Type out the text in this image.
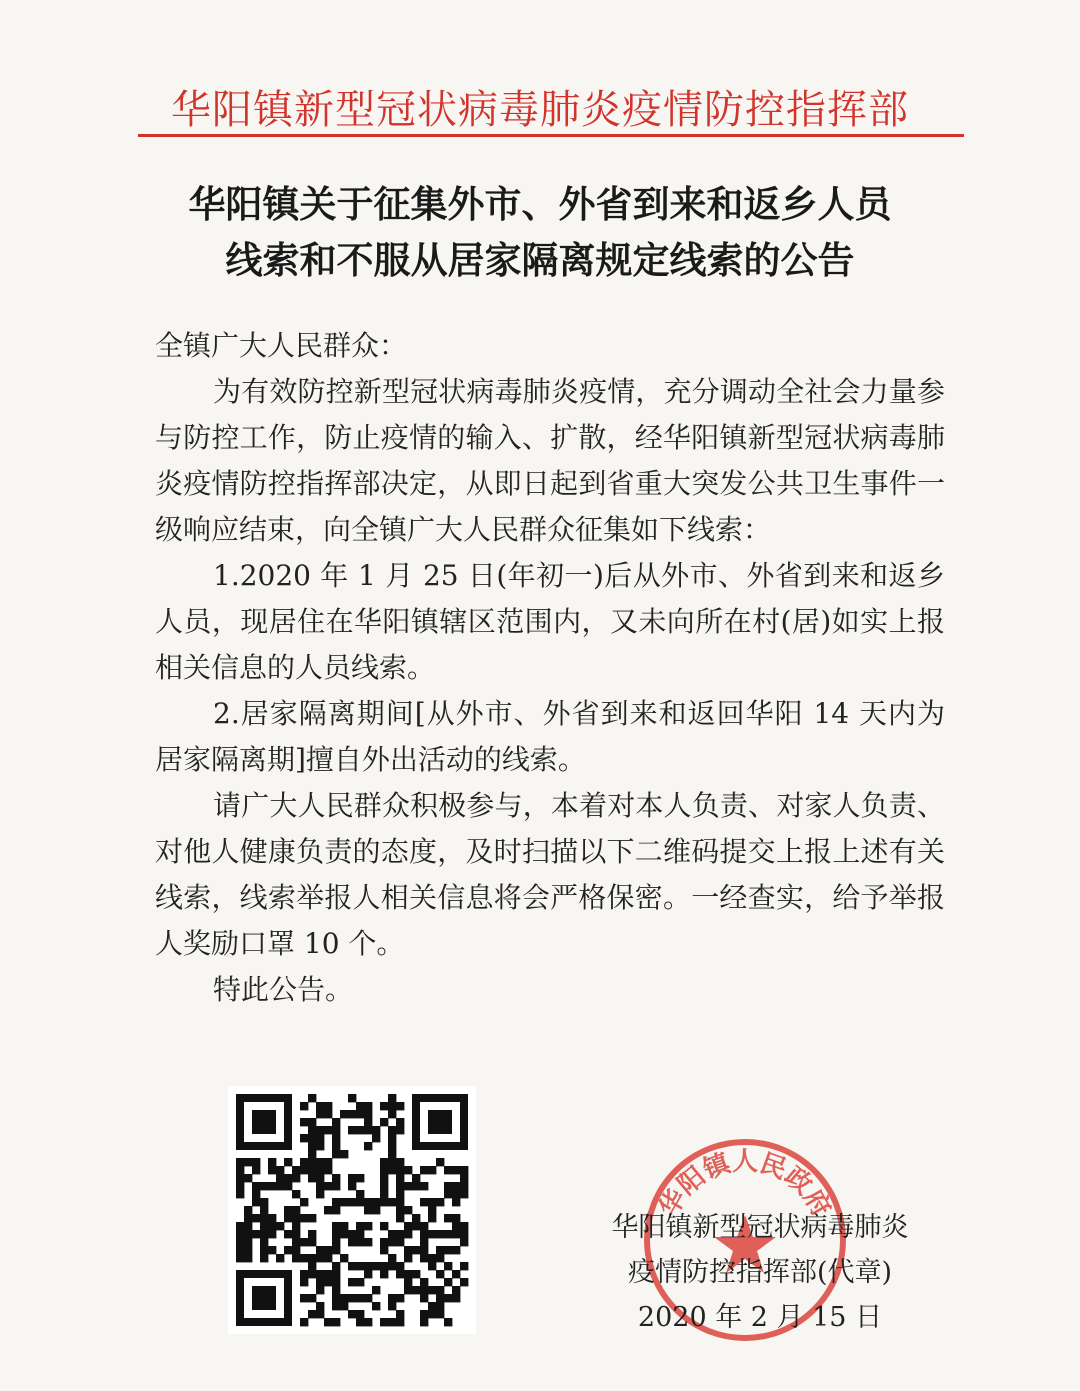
华阳镇新型冠状病毒肺炎疫情防控指挥部
华阳镇关于征集外市、外省到来和返乡人员
线索和不服从居家隔离规定线索的公告

全镇广大人民群众：

为有效防控新型冠状病毒肺炎疫情，充分调动全社会力量参与防控工作，防止疫情的输入、扩散，经华阳镇新型冠状病毒肺炎疫情防控指挥部决定，从即日起到省重大突发公共卫生事件一级响应结束，向全镇广大人民群众征集如下线索：

1.2020 年 1 月 25 日(年初一)后从外市、外省到来和返乡人员，现居住在华阳镇辖区范围内，又未向所在村(居)如实上报相关信息的人员线索。

2.居家隔离期间[从外市、外省到来和返回华阳 14 天内为居家隔离期]擅自外出活动的线索。

请广大人民群众积极参与，本着对本人负责、对家人负责、对他人健康负责的态度，及时扫描以下二维码提交上报上述有关线索，线索举报人相关信息将会严格保密。一经查实，给予举报人奖励口罩 10 个。

特此公告。

华阳镇人民政府
华阳镇新型冠状病毒肺炎
疫情防控指挥部(代章)
2020 年 2 月 15 日
